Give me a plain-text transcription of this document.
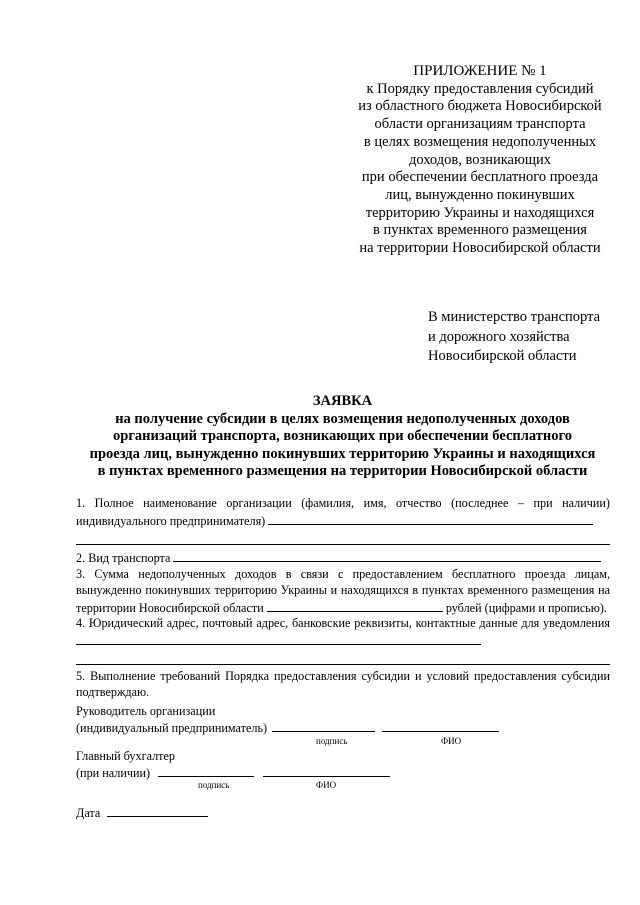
ПРИЛОЖЕНИЕ № 1
к Порядку предоставления субсидий
из областного бюджета Новосибирской
области организациям транспорта
в целях возмещения недополученных
доходов, возникающих
при обеспечении бесплатного проезда
лиц, вынужденно покинувших
территорию Украины и находящихся
в пунктах временного размещения
на территории Новосибирской области
В министерство транспорта
и дорожного хозяйства
Новосибирской области
ЗАЯВКА
на получение субсидии в целях возмещения недополученных доходов
организаций транспорта, возникающих при обеспечении бесплатного
проезда лиц, вынужденно покинувших территорию Украины и находящихся
в пунктах временного размещения на территории Новосибирской области

1. Полное наименование организации (фамилия, имя, отчество (последнее – при наличии) индивидуального предпринимателя)

2. Вид транспорта

3. Сумма недополученных доходов в связи с предоставлением бесплатного проезда лицам, вынужденно покинувших территорию Украины и находящихся в пунктах временного размещения на территории Новосибирской области	рублей (цифрами и прописью).

4. Юридический адрес, почтовый адрес, банковские реквизиты, контактные данные для уведомления

5. Выполнение требований Порядка предоставления субсидии и условий предоставления субсидии подтверждаю.

Руководитель организации
(индивидуальный предприниматель)
подпись	ФИО
Главный бухгалтер
(при наличии)
подпись	ФИО
Дата
